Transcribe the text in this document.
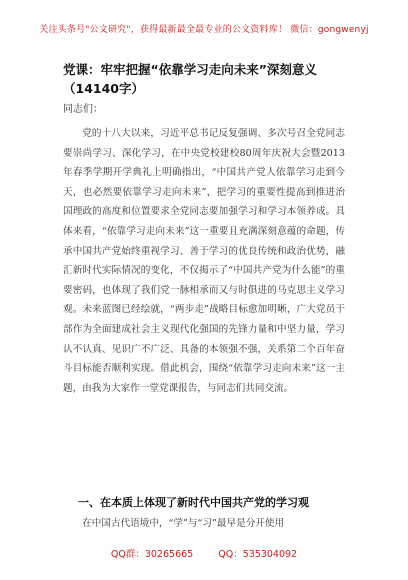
关注头条号"公文研究"，获得最新最全最专业的公文资料库！ 微信：gongwenyj
党课：牢牢把握“依靠学习走向未来”深刻意义（14140字）
同志们：

党的十八大以来，习近平总书记反复强调、多次号召全党同志要崇尚学习、深化学习，在中央党校建校80周年庆祝大会暨2013年春季学期开学典礼上明确指出，“中国共产党人依靠学习走到今天，也必然要依靠学习走向未来”，把学习的重要性提高到推进治国理政的高度和位置要求全党同志要加强学习和学习本领养成。具体来看，“依靠学习走向未来”这一重要且充满深刻意蕴的命题，传承中国共产党始终重视学习、善于学习的优良传统和政治优势，融汇新时代实际情况的变化，不仅揭示了“中国共产党为什么能”的重要密码，也体现了我们党一脉相承而又与时俱进的马克思主义学习观。未来蓝图已经绘就，“两步走”战略目标愈加明晰，广大党员干部作为全面建成社会主义现代化强国的先锋力量和中坚力量，学习认不认真、见识广不广泛、具备的本领强不强，关系第二个百年奋斗目标能否顺利实现。借此机会，围绕“依靠学习走向未来”这一主题，由我为大家作一堂党课报告，与同志们共同交流。

一、在本质上体现了新时代中国共产党的学习观

在中国古代语境中，“学”与“习”最早是分开使用

QQ群：30265665	QQ：535304092
